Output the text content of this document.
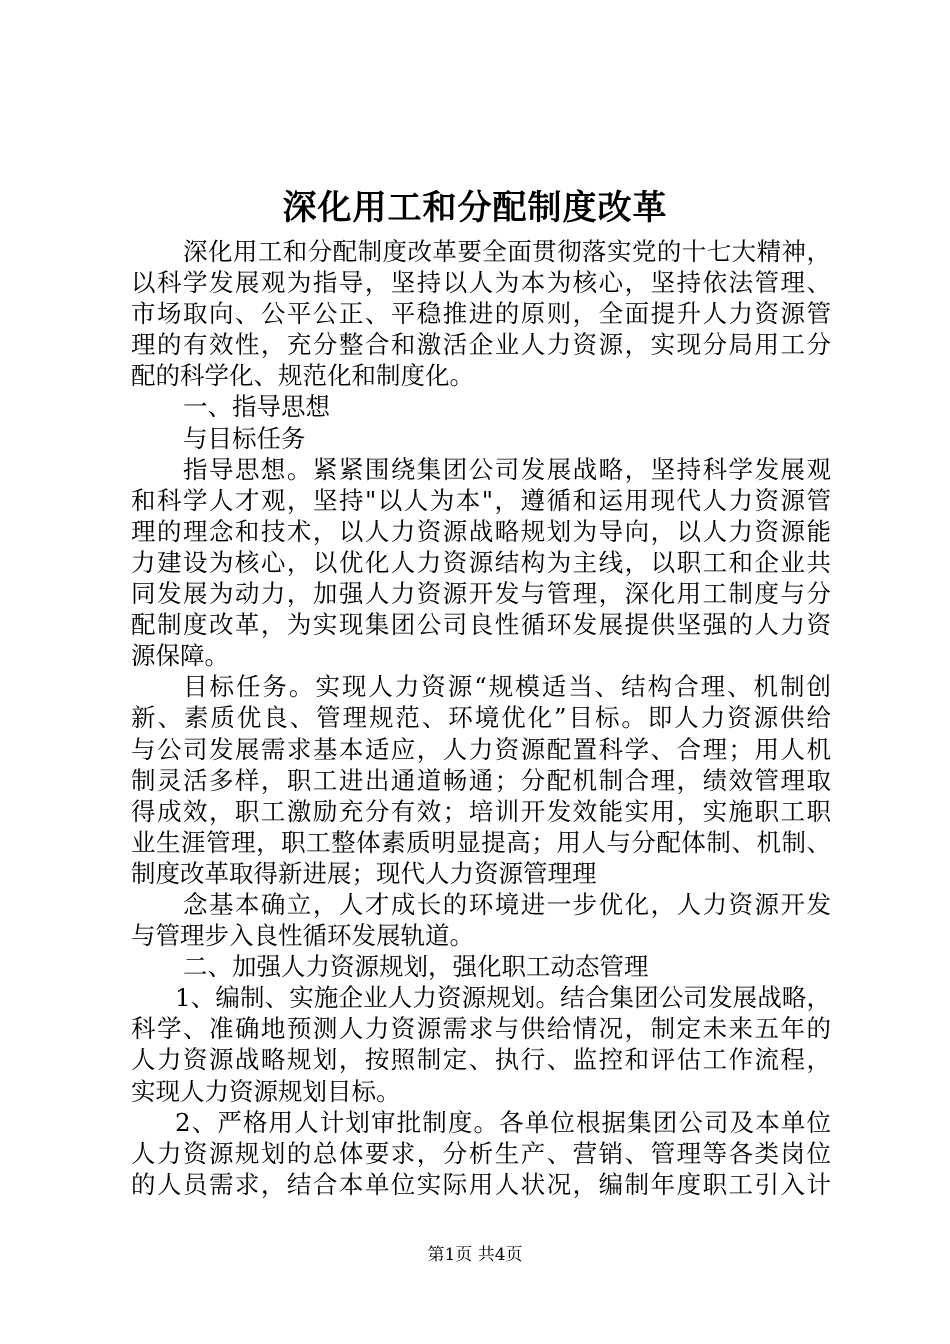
深化用工和分配制度改革
深化用工和分配制度改革要全面贯彻落实党的十七大精神，
以科学发展观为指导，坚持以人为本为核心，坚持依法管理、
市场取向、公平公正、平稳推进的原则，全面提升人力资源管
理的有效性，充分整合和激活企业人力资源，实现分局用工分
配的科学化、规范化和制度化。
一、指导思想
与目标任务
指导思想。紧紧围绕集团公司发展战略，坚持科学发展观
和科学人才观，坚持"以人为本"，遵循和运用现代人力资源管
理的理念和技术，以人力资源战略规划为导向，以人力资源能
力建设为核心，以优化人力资源结构为主线，以职工和企业共
同发展为动力，加强人力资源开发与管理，深化用工制度与分
配制度改革，为实现集团公司良性循环发展提供坚强的人力资
源保障。
目标任务。实现人力资源“规模适当、结构合理、机制创
新、素质优良、管理规范、环境优化”目标。即人力资源供给
与公司发展需求基本适应，人力资源配置科学、合理；用人机
制灵活多样，职工进出通道畅通；分配机制合理，绩效管理取
得成效，职工激励充分有效；培训开发效能实用，实施职工职
业生涯管理，职工整体素质明显提高；用人与分配体制、机制、
制度改革取得新进展；现代人力资源管理理
念基本确立，人才成长的环境进一步优化，人力资源开发
与管理步入良性循环发展轨道。
二、加强人力资源规划，强化职工动态管理
1、编制、实施企业人力资源规划。结合集团公司发展战略，
科学、准确地预测人力资源需求与供给情况，制定未来五年的
人力资源战略规划，按照制定、执行、监控和评估工作流程，
实现人力资源规划目标。
2、严格用人计划审批制度。各单位根据集团公司及本单位
人力资源规划的总体要求，分析生产、营销、管理等各类岗位
的人员需求，结合本单位实际用人状况，编制年度职工引入计
第1页 共4页
